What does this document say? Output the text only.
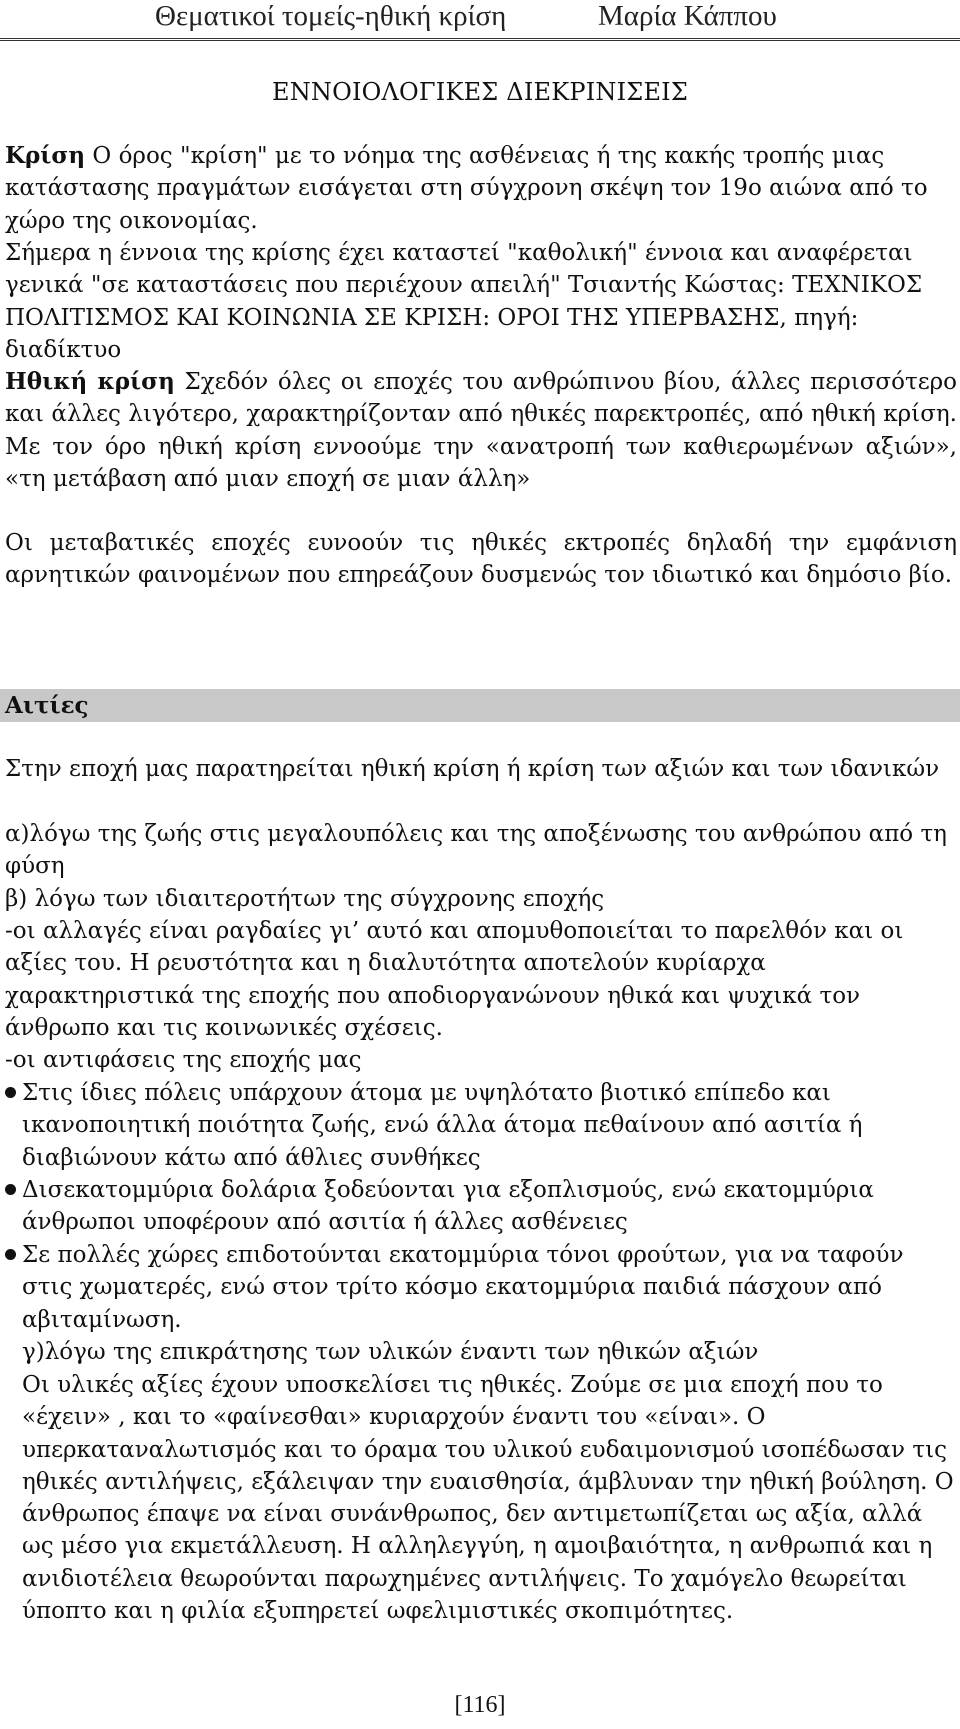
Θεματικοί τομείς-ηθική κρίση	Μαρία Κάππου
ΕΝΝΟΙΟΛΟΓΙΚΕΣ ΔΙΕΚΡΙΝΙΣΕΙΣ
Κρίση Ο όρος "κρίση" με το νόημα της ασθένειας ή της κακής τροπής μιας κατάστασης πραγμάτων εισάγεται στη σύγχρονη σκέψη τον 19ο αιώνα από το χώρο της οικονομίας.
Σήμερα η έννοια της κρίσης έχει καταστεί "καθολική" έννοια και αναφέρεται γενικά "σε καταστάσεις που περιέχουν απειλή" Τσιαντής Κώστας: ΤΕΧΝΙΚΟΣ ΠΟΛΙΤΙΣΜΟΣ ΚΑΙ ΚΟΙΝΩΝΙΑ ΣΕ ΚΡΙΣΗ: ΟΡΟΙ ΤΗΣ ΥΠΕΡΒΑΣΗΣ, πηγή: διαδίκτυο
Ηθική κρίση Σχεδόν όλες οι εποχές του ανθρώπινου βίου, άλλες περισσότερο και άλλες λιγότερο, χαρακτηρίζονταν από ηθικές παρεκτροπές, από ηθική κρίση. Με τον όρο ηθική κρίση εννοούμε την «ανατροπή των καθιερωμένων αξιών», «τη μετάβαση από μιαν εποχή σε μιαν άλλη»
Οι μεταβατικές εποχές ευνοούν τις ηθικές εκτροπές δηλαδή την εμφάνιση αρνητικών φαινομένων που επηρεάζουν δυσμενώς τον ιδιωτικό και δημόσιο βίο.
Αιτίες
Στην εποχή μας παρατηρείται ηθική κρίση ή κρίση των αξιών και των ιδανικών
α)λόγω της ζωής στις μεγαλουπόλεις και της αποξένωσης του ανθρώπου από τη φύση
β) λόγω των ιδιαιτεροτήτων της σύγχρονης εποχής
-οι αλλαγές είναι ραγδαίες γι’ αυτό και απομυθοποιείται το παρελθόν και οι αξίες του. Η ρευστότητα και η διαλυτότητα αποτελούν κυρίαρχα χαρακτηριστικά της εποχής που αποδιοργανώνουν ηθικά και ψυχικά τον άνθρωπο και τις κοινωνικές σχέσεις.
-οι αντιφάσεις της εποχής μας
Στις ίδιες πόλεις υπάρχουν άτομα με υψηλότατο βιοτικό επίπεδο και ικανοποιητική ποιότητα ζωής, ενώ άλλα άτομα πεθαίνουν από ασιτία ή διαβιώνουν κάτω από άθλιες συνθήκες
Δισεκατομμύρια δολάρια ξοδεύονται για εξοπλισμούς, ενώ εκατομμύρια άνθρωποι υποφέρουν από ασιτία ή άλλες ασθένειες
Σε πολλές χώρες επιδοτούνται εκατομμύρια τόνοι φρούτων, για να ταφούν στις χωματερές, ενώ στον τρίτο κόσμο εκατομμύρια παιδιά πάσχουν από αβιταμίνωση.
γ)λόγω της επικράτησης των υλικών έναντι των ηθικών αξιών
Οι υλικές αξίες έχουν υποσκελίσει τις ηθικές. Ζούμε σε μια εποχή που το «έχειν» , και το «φαίνεσθαι» κυριαρχούν έναντι του «είναι». Ο υπερκαταναλωτισμός και το όραμα του υλικού ευδαιμονισμού ισοπέδωσαν τις ηθικές αντιλήψεις, εξάλειψαν την ευαισθησία, άμβλυναν την ηθική βούληση. Ο άνθρωπος έπαψε να είναι συνάνθρωπος, δεν αντιμετωπίζεται ως αξία, αλλά ως μέσο για εκμετάλλευση. Η αλληλεγγύη, η αμοιβαιότητα, η ανθρωπιά και η ανιδιοτέλεια θεωρούνται παρωχημένες αντιλήψεις. Το χαμόγελο θεωρείται ύποπτο και η φιλία εξυπηρετεί ωφελιμιστικές σκοπιμότητες.
[116]
